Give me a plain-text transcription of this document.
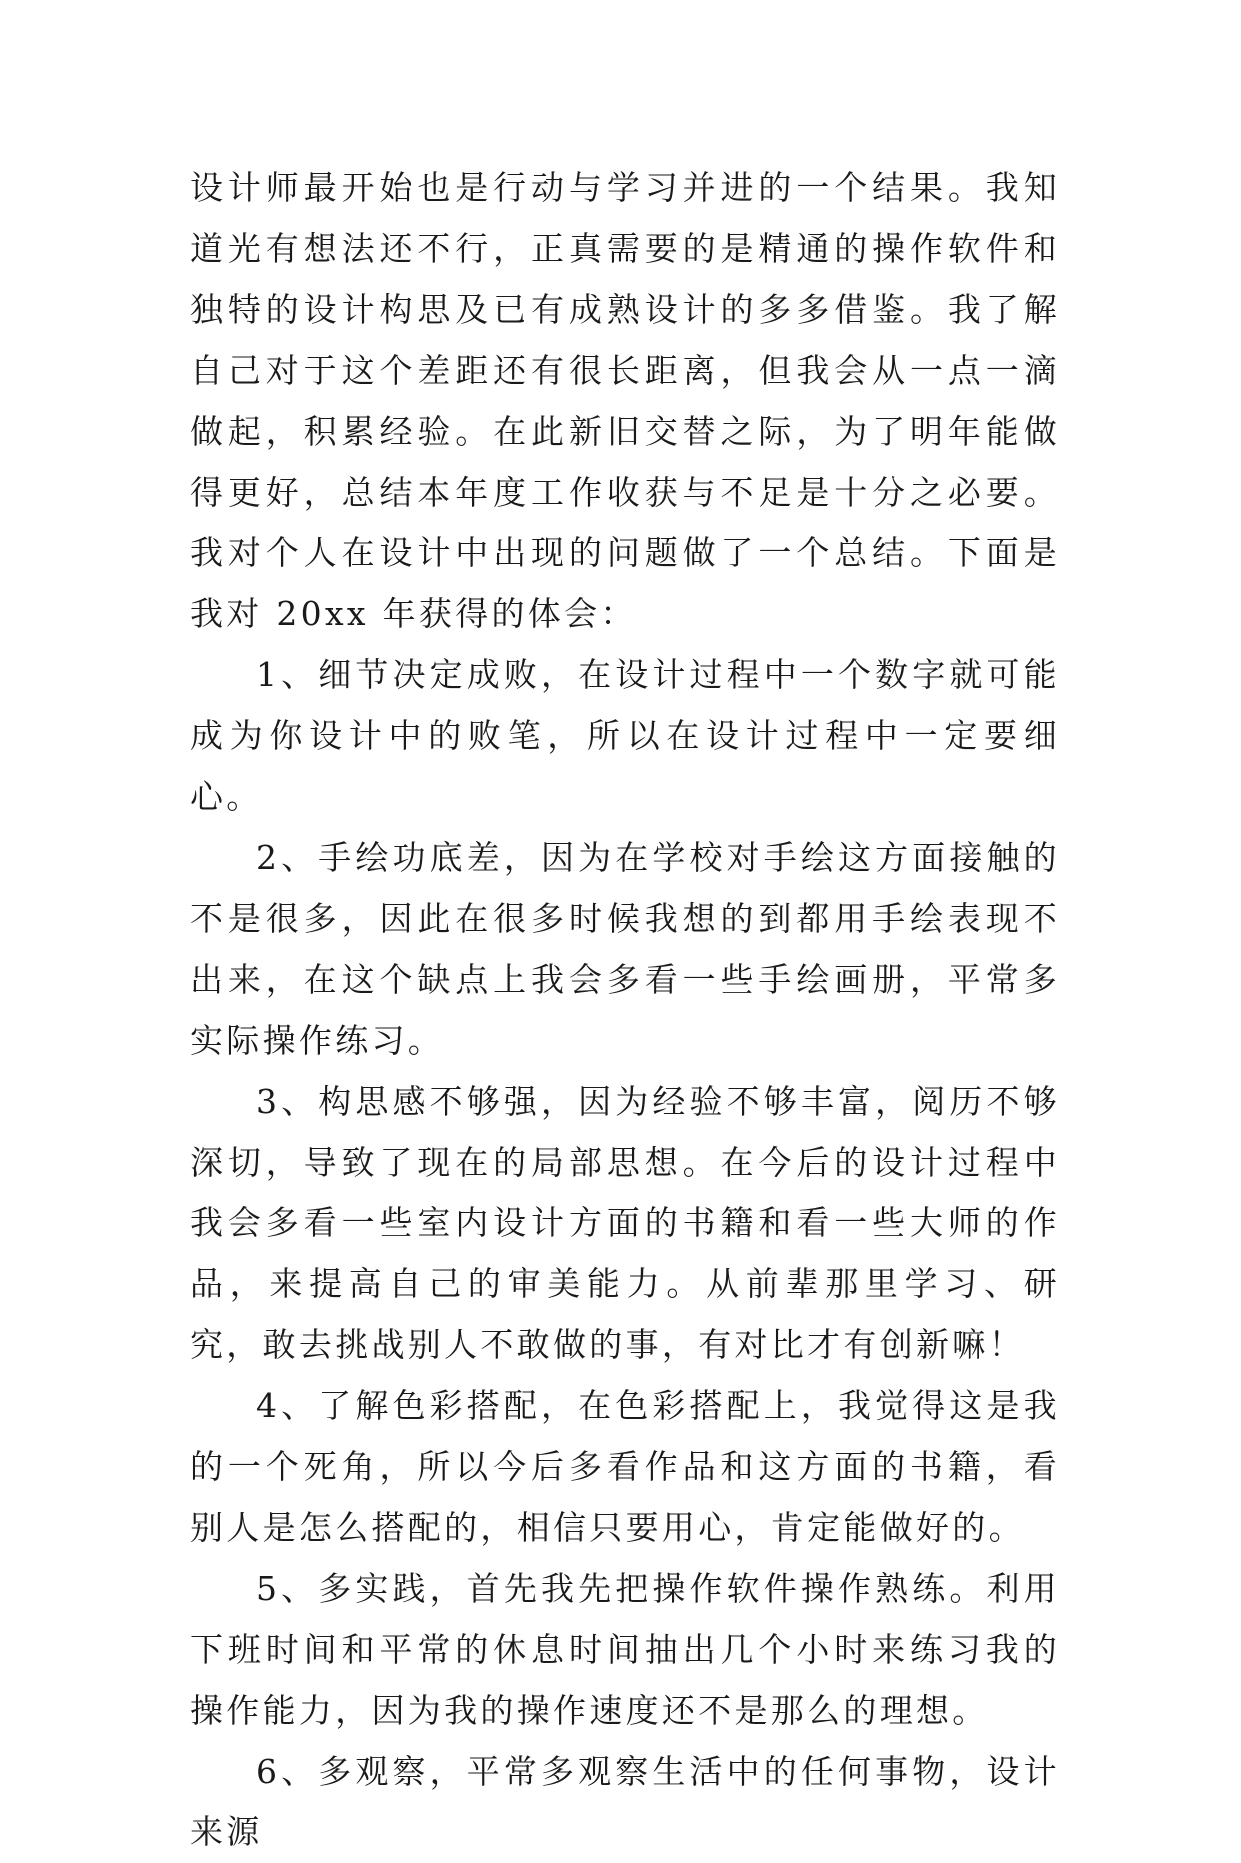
设计师最开始也是行动与学习并进的一个结果。我知道光有想法还不行，正真需要的是精通的操作软件和独特的设计构思及已有成熟设计的多多借鉴。我了解自己对于这个差距还有很长距离，但我会从一点一滴做起，积累经验。在此新旧交替之际，为了明年能做得更好，总结本年度工作收获与不足是十分之必要。我对个人在设计中出现的问题做了一个总结。下面是我对 20xx 年获得的体会：

1、细节决定成败，在设计过程中一个数字就可能成为你设计中的败笔，所以在设计过程中一定要细心。

2、手绘功底差，因为在学校对手绘这方面接触的不是很多，因此在很多时候我想的到都用手绘表现不出来，在这个缺点上我会多看一些手绘画册，平常多实际操作练习。

3、构思感不够强，因为经验不够丰富，阅历不够深切，导致了现在的局部思想。在今后的设计过程中我会多看一些室内设计方面的书籍和看一些大师的作品，来提高自己的审美能力。从前辈那里学习、研究，敢去挑战别人不敢做的事，有对比才有创新嘛！

4、了解色彩搭配，在色彩搭配上，我觉得这是我的一个死角，所以今后多看作品和这方面的书籍，看别人是怎么搭配的，相信只要用心，肯定能做好的。

5、多实践，首先我先把操作软件操作熟练。利用下班时间和平常的休息时间抽出几个小时来练习我的操作能力，因为我的操作速度还不是那么的理想。

6、多观察，平常多观察生活中的任何事物，设计来源
